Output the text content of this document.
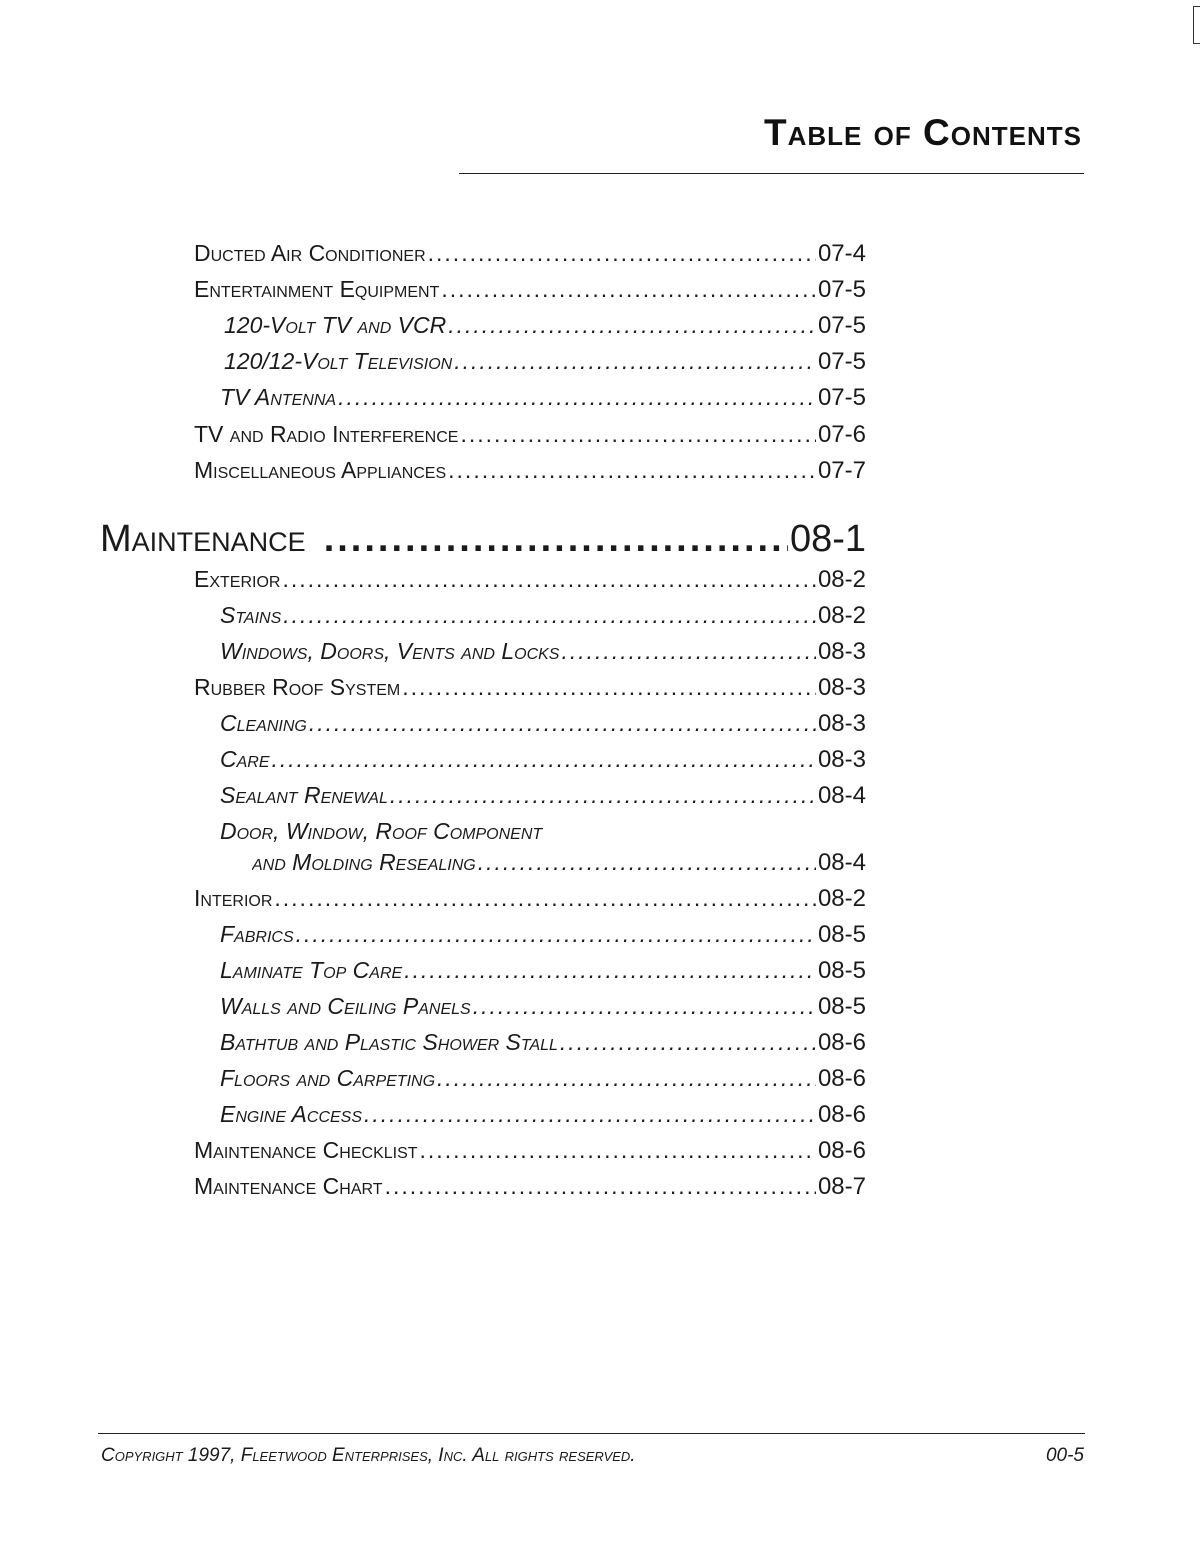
Table of Contents
Ducted Air Conditioner .....	07-4
Entertainment Equipment .....	07-5
120-Volt TV and VCR .....	07-5
120/12-Volt Television .....	07-5
TV Antenna .....	07-5
TV and Radio Interference .....	07-6
Miscellaneous Appliances .....	07-7
Maintenance .....	08-1
Exterior .....	08-2
Stains .....	08-2
Windows, Doors, Vents and Locks .....	08-3
Rubber Roof System .....	08-3
Cleaning .....	08-3
Care .....	08-3
Sealant Renewal .....	08-4
Door, Window, Roof Component
and Molding Resealing .....	08-4
Interior .....	08-2
Fabrics .....	08-5
Laminate Top Care .....	08-5
Walls and Ceiling Panels .....	08-5
Bathtub and Plastic Shower Stall .....	08-6
Floors and Carpeting .....	08-6
Engine Access .....	08-6
Maintenance Checklist .....	08-6
Maintenance Chart .....	08-7
Copyright 1997, Fleetwood Enterprises, Inc. All rights reserved.	00-5
